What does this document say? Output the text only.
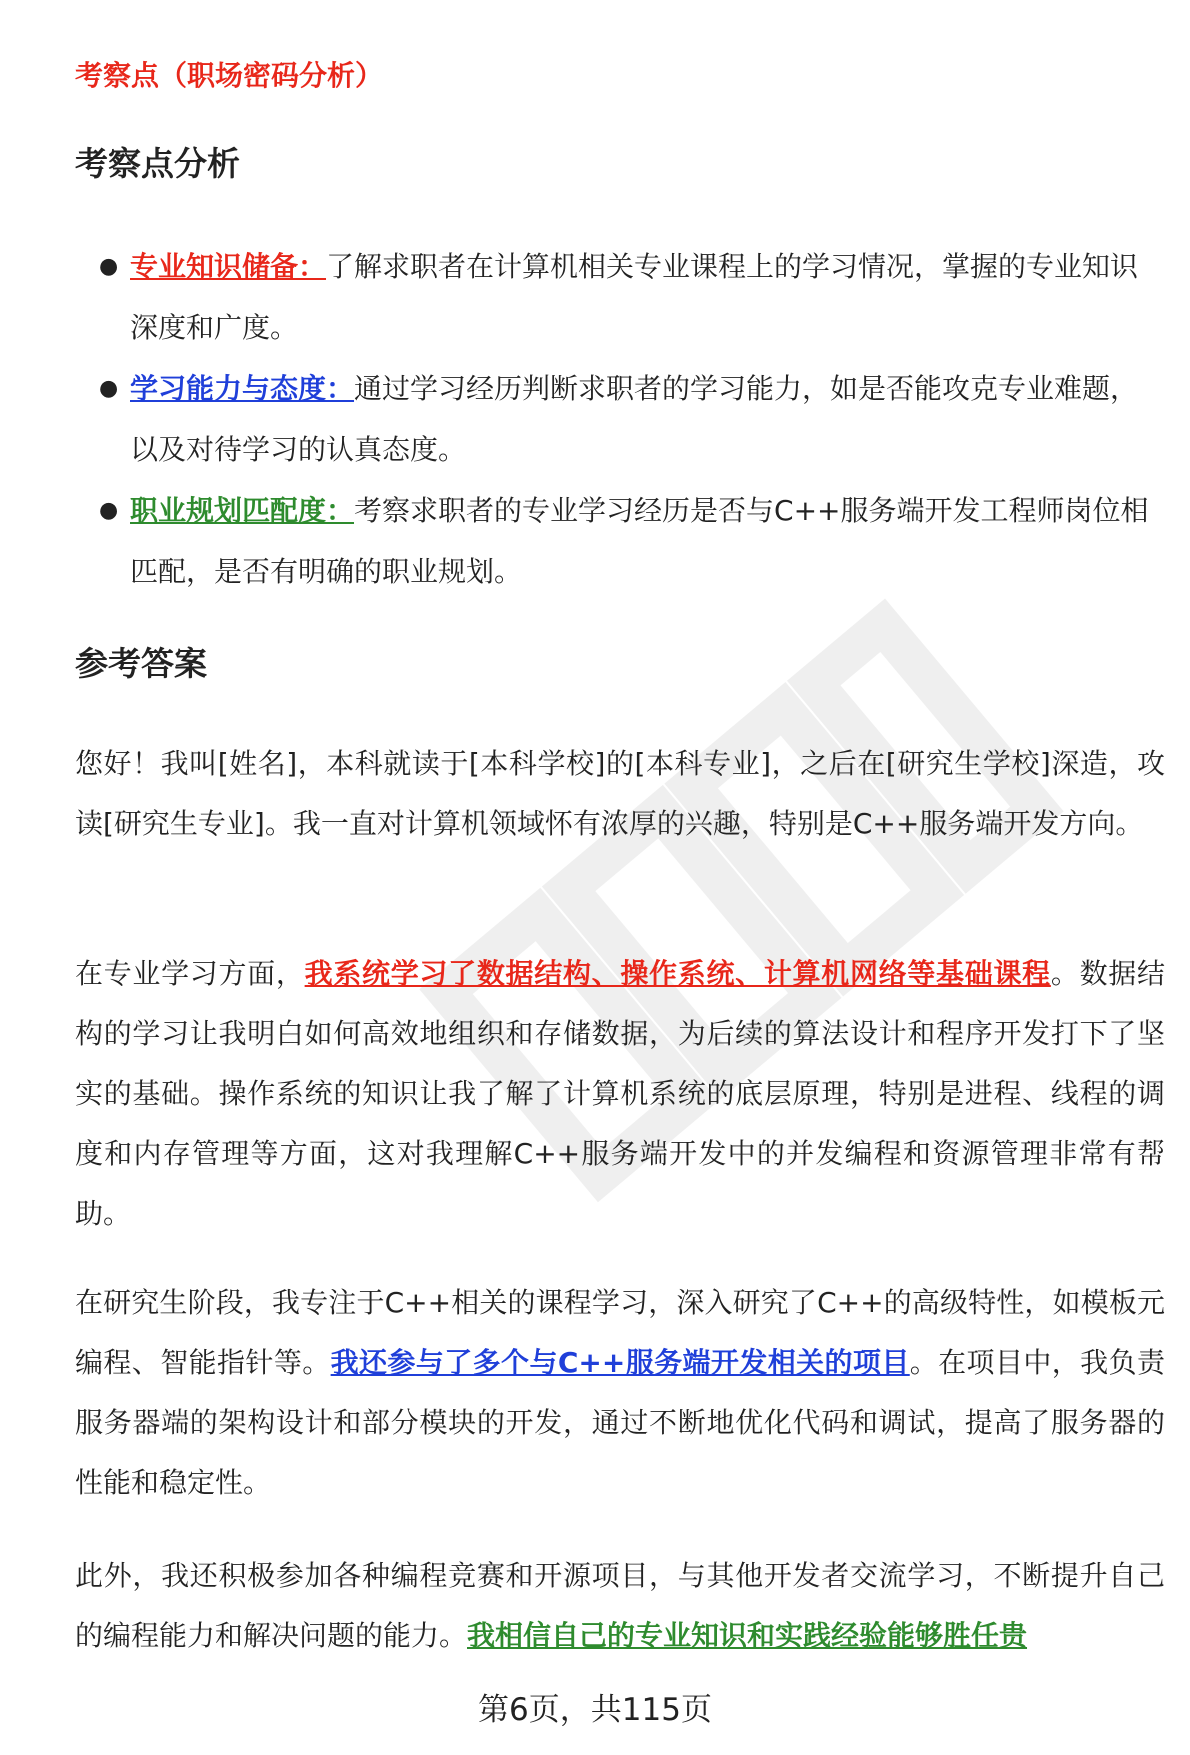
考察点（职场密码分析）

考察点分析
● 专业知识储备：了解求职者在计算机相关专业课程上的学习情况，掌握的专业知识深度和广度。
● 学习能力与态度：通过学习经历判断求职者的学习能力，如是否能攻克专业难题，以及对待学习的认真态度。
● 职业规划匹配度：考察求职者的专业学习经历是否与C++服务端开发工程师岗位相匹配，是否有明确的职业规划。
参考答案

您好！我叫[姓名]，本科就读于[本科学校]的[本科专业]，之后在[研究生学校]深造，攻读[研究生专业]。我一直对计算机领域怀有浓厚的兴趣，特别是C++服务端开发方向。

在专业学习方面，我系统学习了数据结构、操作系统、计算机网络等基础课程。数据结构的学习让我明白如何高效地组织和存储数据，为后续的算法设计和程序开发打下了坚实的基础。操作系统的知识让我了解了计算机系统的底层原理，特别是进程、线程的调度和内存管理等方面，这对我理解C++服务端开发中的并发编程和资源管理非常有帮助。

在研究生阶段，我专注于C++相关的课程学习，深入研究了C++的高级特性，如模板元编程、智能指针等。我还参与了多个与C++服务端开发相关的项目。在项目中，我负责服务器端的架构设计和部分模块的开发，通过不断地优化代码和调试，提高了服务器的性能和稳定性。

此外，我还积极参加各种编程竞赛和开源项目，与其他开发者交流学习，不断提升自己的编程能力和解决问题的能力。我相信自己的专业知识和实践经验能够胜任贵

第6页，共115页
